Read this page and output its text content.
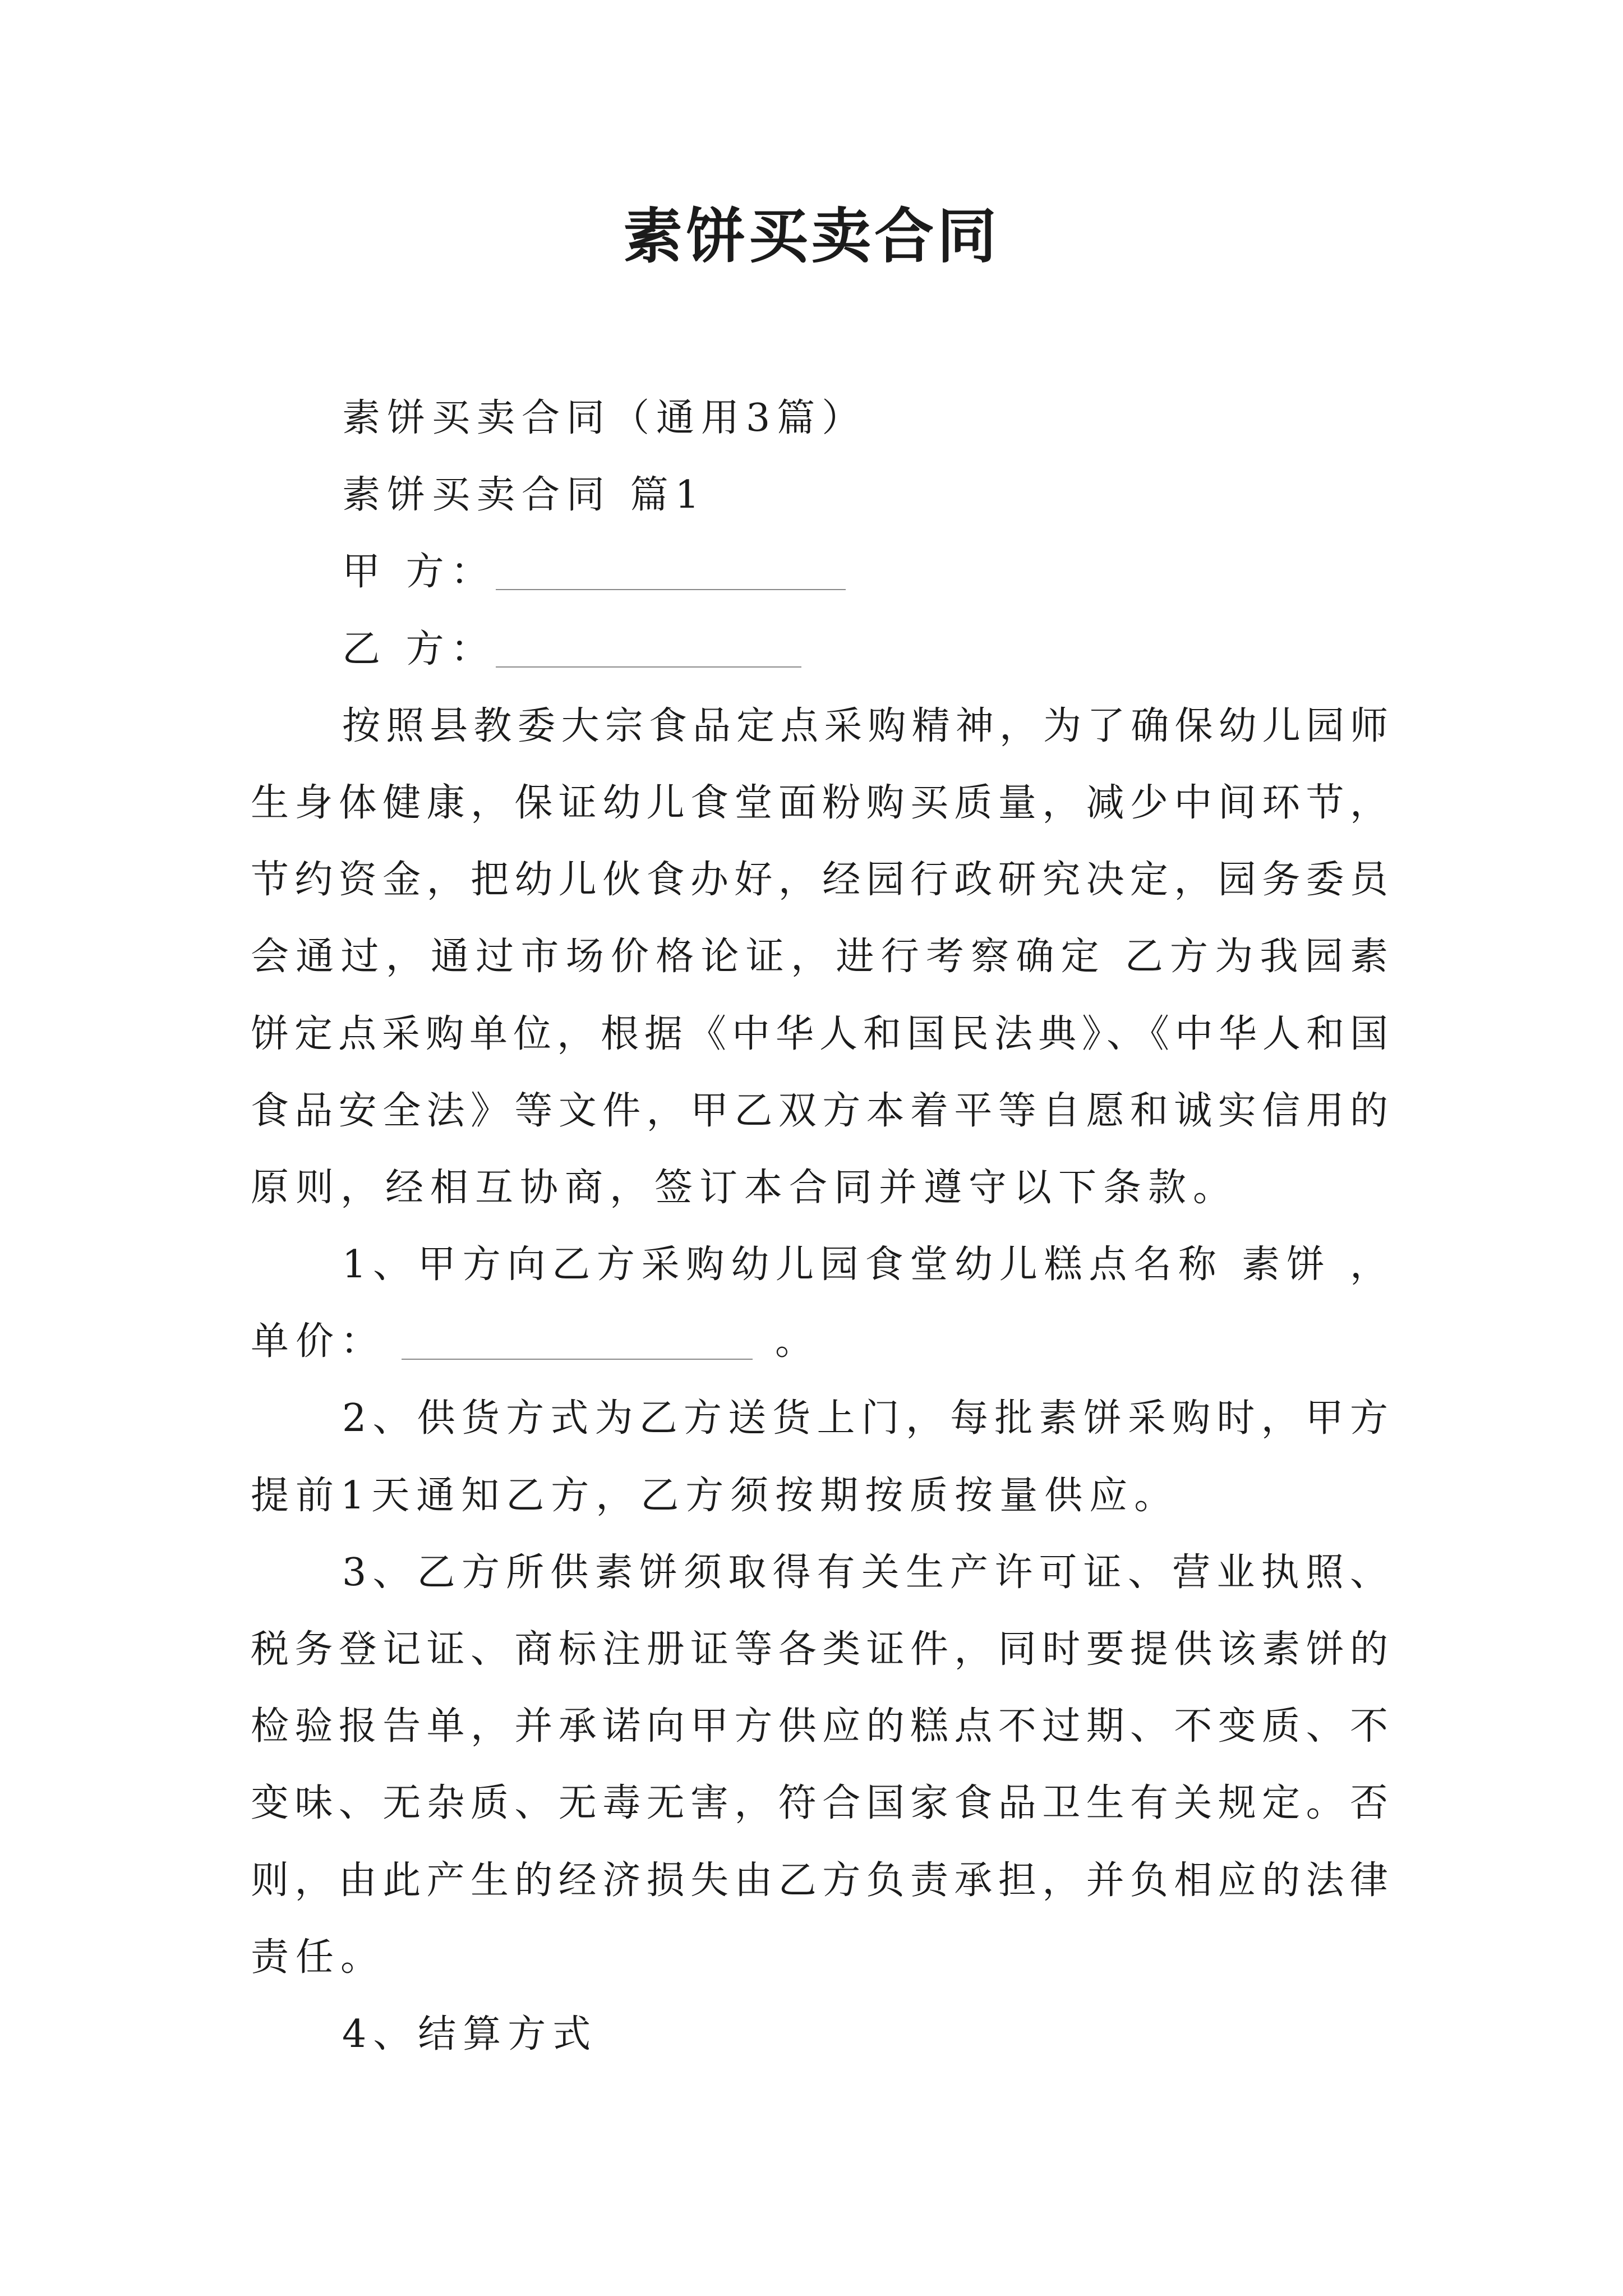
素饼买卖合同
素饼买卖合同（通用3篇）
素饼买卖合同 篇1
甲 方：
乙 方：
按照县教委大宗食品定点采购精神，为了确保幼儿园师
生身体健康，保证幼儿食堂面粉购买质量，减少中间环节，
节约资金，把幼儿伙食办好，经园行政研究决定，园务委员
会通过，通过市场价格论证，进行考察确定 乙方为我园素
饼定点采购单位，根据《中华人和国民法典》、《中华人和国
食品安全法》等文件，甲乙双方本着平等自愿和诚实信用的
原则，经相互协商，签订本合同并遵守以下条款。
1、甲方向乙方采购幼儿园食堂幼儿糕点名称 素饼 ，
单价：	。
2、供货方式为乙方送货上门，每批素饼采购时，甲方
提前1天通知乙方，乙方须按期按质按量供应。
3、乙方所供素饼须取得有关生产许可证、营业执照、
税务登记证、商标注册证等各类证件，同时要提供该素饼的
检验报告单，并承诺向甲方供应的糕点不过期、不变质、不
变味、无杂质、无毒无害，符合国家食品卫生有关规定。否
则，由此产生的经济损失由乙方负责承担，并负相应的法律
责任。
4、结算方式
